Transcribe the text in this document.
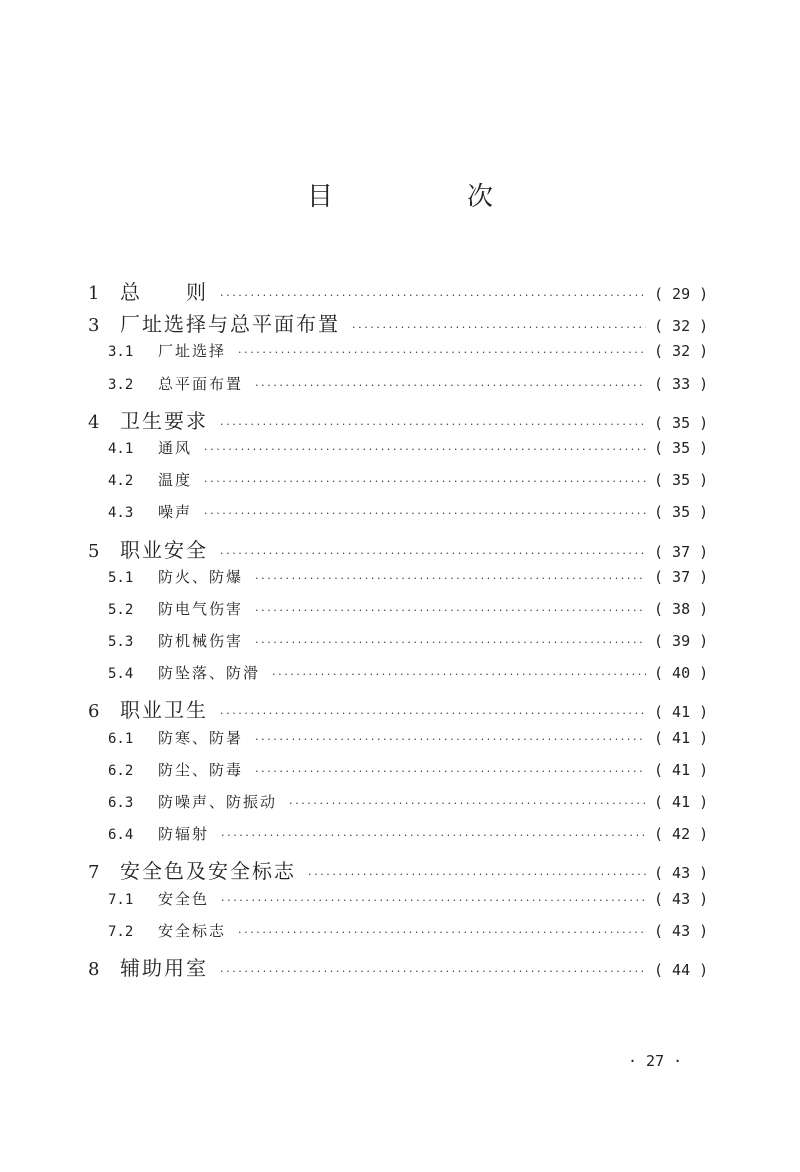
目　次
1	总　　则 ·····	( 29 )
3	厂址选择与总平面布置 ·····	( 32 )
3.1	厂址选择 ·····	( 32 )
3.2	总平面布置 ·····	( 33 )
4	卫生要求 ·····	( 35 )
4.1	通风 ·····	( 35 )
4.2	温度 ·····	( 35 )
4.3	噪声 ·····	( 35 )
5	职业安全 ·····	( 37 )
5.1	防火、防爆 ·····	( 37 )
5.2	防电气伤害 ·····	( 38 )
5.3	防机械伤害 ·····	( 39 )
5.4	防坠落、防滑 ·····	( 40 )
6	职业卫生 ·····	( 41 )
6.1	防寒、防暑 ·····	( 41 )
6.2	防尘、防毒 ·····	( 41 )
6.3	防噪声、防振动 ·····	( 41 )
6.4	防辐射 ·····	( 42 )
7	安全色及安全标志 ·····	( 43 )
7.1	安全色 ·····	( 43 )
7.2	安全标志 ·····	( 43 )
8	辅助用室 ·····	( 44 )
· 27 ·
